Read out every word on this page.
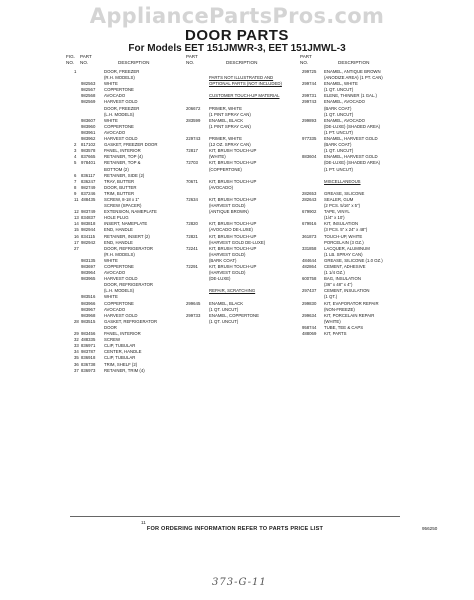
AppliancePartsPros.com
DOOR PARTS
For Models EET 151JMWR-3, EET 151JMWL-3
FIG.
NO.
PART
NO.	DESCRIPTION
PART
NO.	DESCRIPTION
PART
NO.	DESCRIPTION
1	DOOR, FREEZER
(R.H. MODELS)
982563 WHITE
982567 COPPERTONE
982568 AVOCADO
982569 HARVEST GOLD
DOOR, FREEZER
(L.H. MODELS)
983607 WHITE
983960 COPPERTONE
983961 AVOCADO
983962 HARVEST GOLD
2 817102 GASKET, FREEZER DOOR
3 983578 PANEL, INTERIOR
4 837665 RETAINER, TOP (4)
5 978401 RETAINER, TOP &
BOTTOM (2)
6 836117 RETAINER, SIDE (2)
7 836247 TRAY, BUTTER
8 982749 DOOR, BUTTER
9 837246 TRIM, BUTTER
11 488435 SCREW, 8-18 x 1"
SCREW (SPACER)
12 983749 EXTENSION, NAMEPLATE
13 834837 HOLE PLUG
14 983818 INSERT, NAMEPLATE
15 982944 END, HANDLE
16 834115 RETAINER, INSERT (2)
17 982942 END, HANDLE
27	DOOR, REFRIGERATOR
(R.H. MODELS)
983135 WHITE
983697 COPPERTONE
983964 AVOCADO
983965 HARVEST GOLD
DOOR, REFRIGERATOR
(L.H. MODELS)
983516 WHITE
983966 COPPERTONE
983967 AVOCADO
983968 HARVEST GOLD
28 983515 GASKET, REFRIGERATOR
DOOR
29 983456 PANEL, INTERIOR
32 488335 SCREW
33 836971 CLIP, TUBULAR
34 983787 CENTER, HANDLE
35 836918 CLIP, TUBULAR
36 836738 TRIM, SHELF (2)
37 836973 RETAINER, TRIM (4)
PARTS NOT ILLUSTRATED AND
OPTIONAL PARTS (NOT INCLUDED)
CUSTOMER TOUCH-UP MATERIAL
206672 PRIMER, WHITE
(1 PINT SPRAY CAN)
283599 ENAMEL, BLACK
(1 PINT SPRAY CAN)
229743 PRIMER, WHITE
(12 OZ. SPRAY CAN)
72817	KIT, BRUSH TOUCH-UP
(WHITE)
72703	KIT, BRUSH TOUCH-UP
(COPPERTONE)
70671	KIT, BRUSH TOUCH-UP
(AVOCADO)
72634	KIT, BRUSH TOUCH-UP
(HARVEST GOLD)
(ANTIQUE BROWN)
72820	KIT, BRUSH TOUCH-UP
(AVOCADO DE-LUXE)
72821	KIT, BRUSH TOUCH-UP
(HARVEST GOLD DE-LUXE)
72241	KIT, BRUSH TOUCH-UP
(HARVEST GOLD)
(BARK COAT)
72291	KIT, BRUSH TOUCH-UP
(HARVEST GOLD)
(DE-LUXE)
REPAIR, SCRATCHING
299645 ENAMEL, BLACK
(1 QT. UNCUT)
299733 ENAMEL, COPPERTONE
(1 QT. UNCUT)
299725 ENAMEL, ANTIQUE BROWN
(ANODIZE AREA) (1 PT. CAN)
299744 ENAMEL, WHITE
(1 QT. UNCUT)
299731 ELENE, THINNER (1 GAL.)
299743 ENAMEL, AVOCADO
(BARK COAT)
(1 QT. UNCUT)
299893 ENAMEL, AVOCADO
(DE-LUXE) (SHADED AREA)
(1 PT. UNCUT)
977335 ENAMEL, HARVEST GOLD
(BARK COAT)
(1 QT. UNCUT)
883604 ENAMEL, HARVEST GOLD
(DE-LUXE) (SHADED AREA)
(1 PT. UNCUT)
MISCELLANEOUS
282653 GREASE, SILICONE
282643 SEALER, GUM
(2 PCS. 5/16" x 5")
679902 TAPE, VINYL
(1/4" x 10')
679916 KIT, INSULATION
(3 PCS. 5" x 24" x 48")
361873 TOUCH-UP, WHITE
PORCELAIN (3 OZ.)
331858 LACQUER, ALUMINUM
(1 LB. SPRAY CAN)
484644 GREASE, SILICONE (1.0 OZ.)
482864 CEMENT, ADHESIVE
(1 1/4 OZ.)
600758 BAG, INSULATION
(36" x 48" x 4")
297437 CEMENT, INSULATION
(1 QT.)
299830 KIT, EVAPORATOR REPAIR
(NON-FREEZE)
299634 KIT, PORCELAIN REPAIR
(WHITE)
958744 TUBE, TEE & CAPS
488069 KIT, PARTS
11
FOR ORDERING INFORMATION REFER TO PARTS PRICE LIST	956250
373-G-11
